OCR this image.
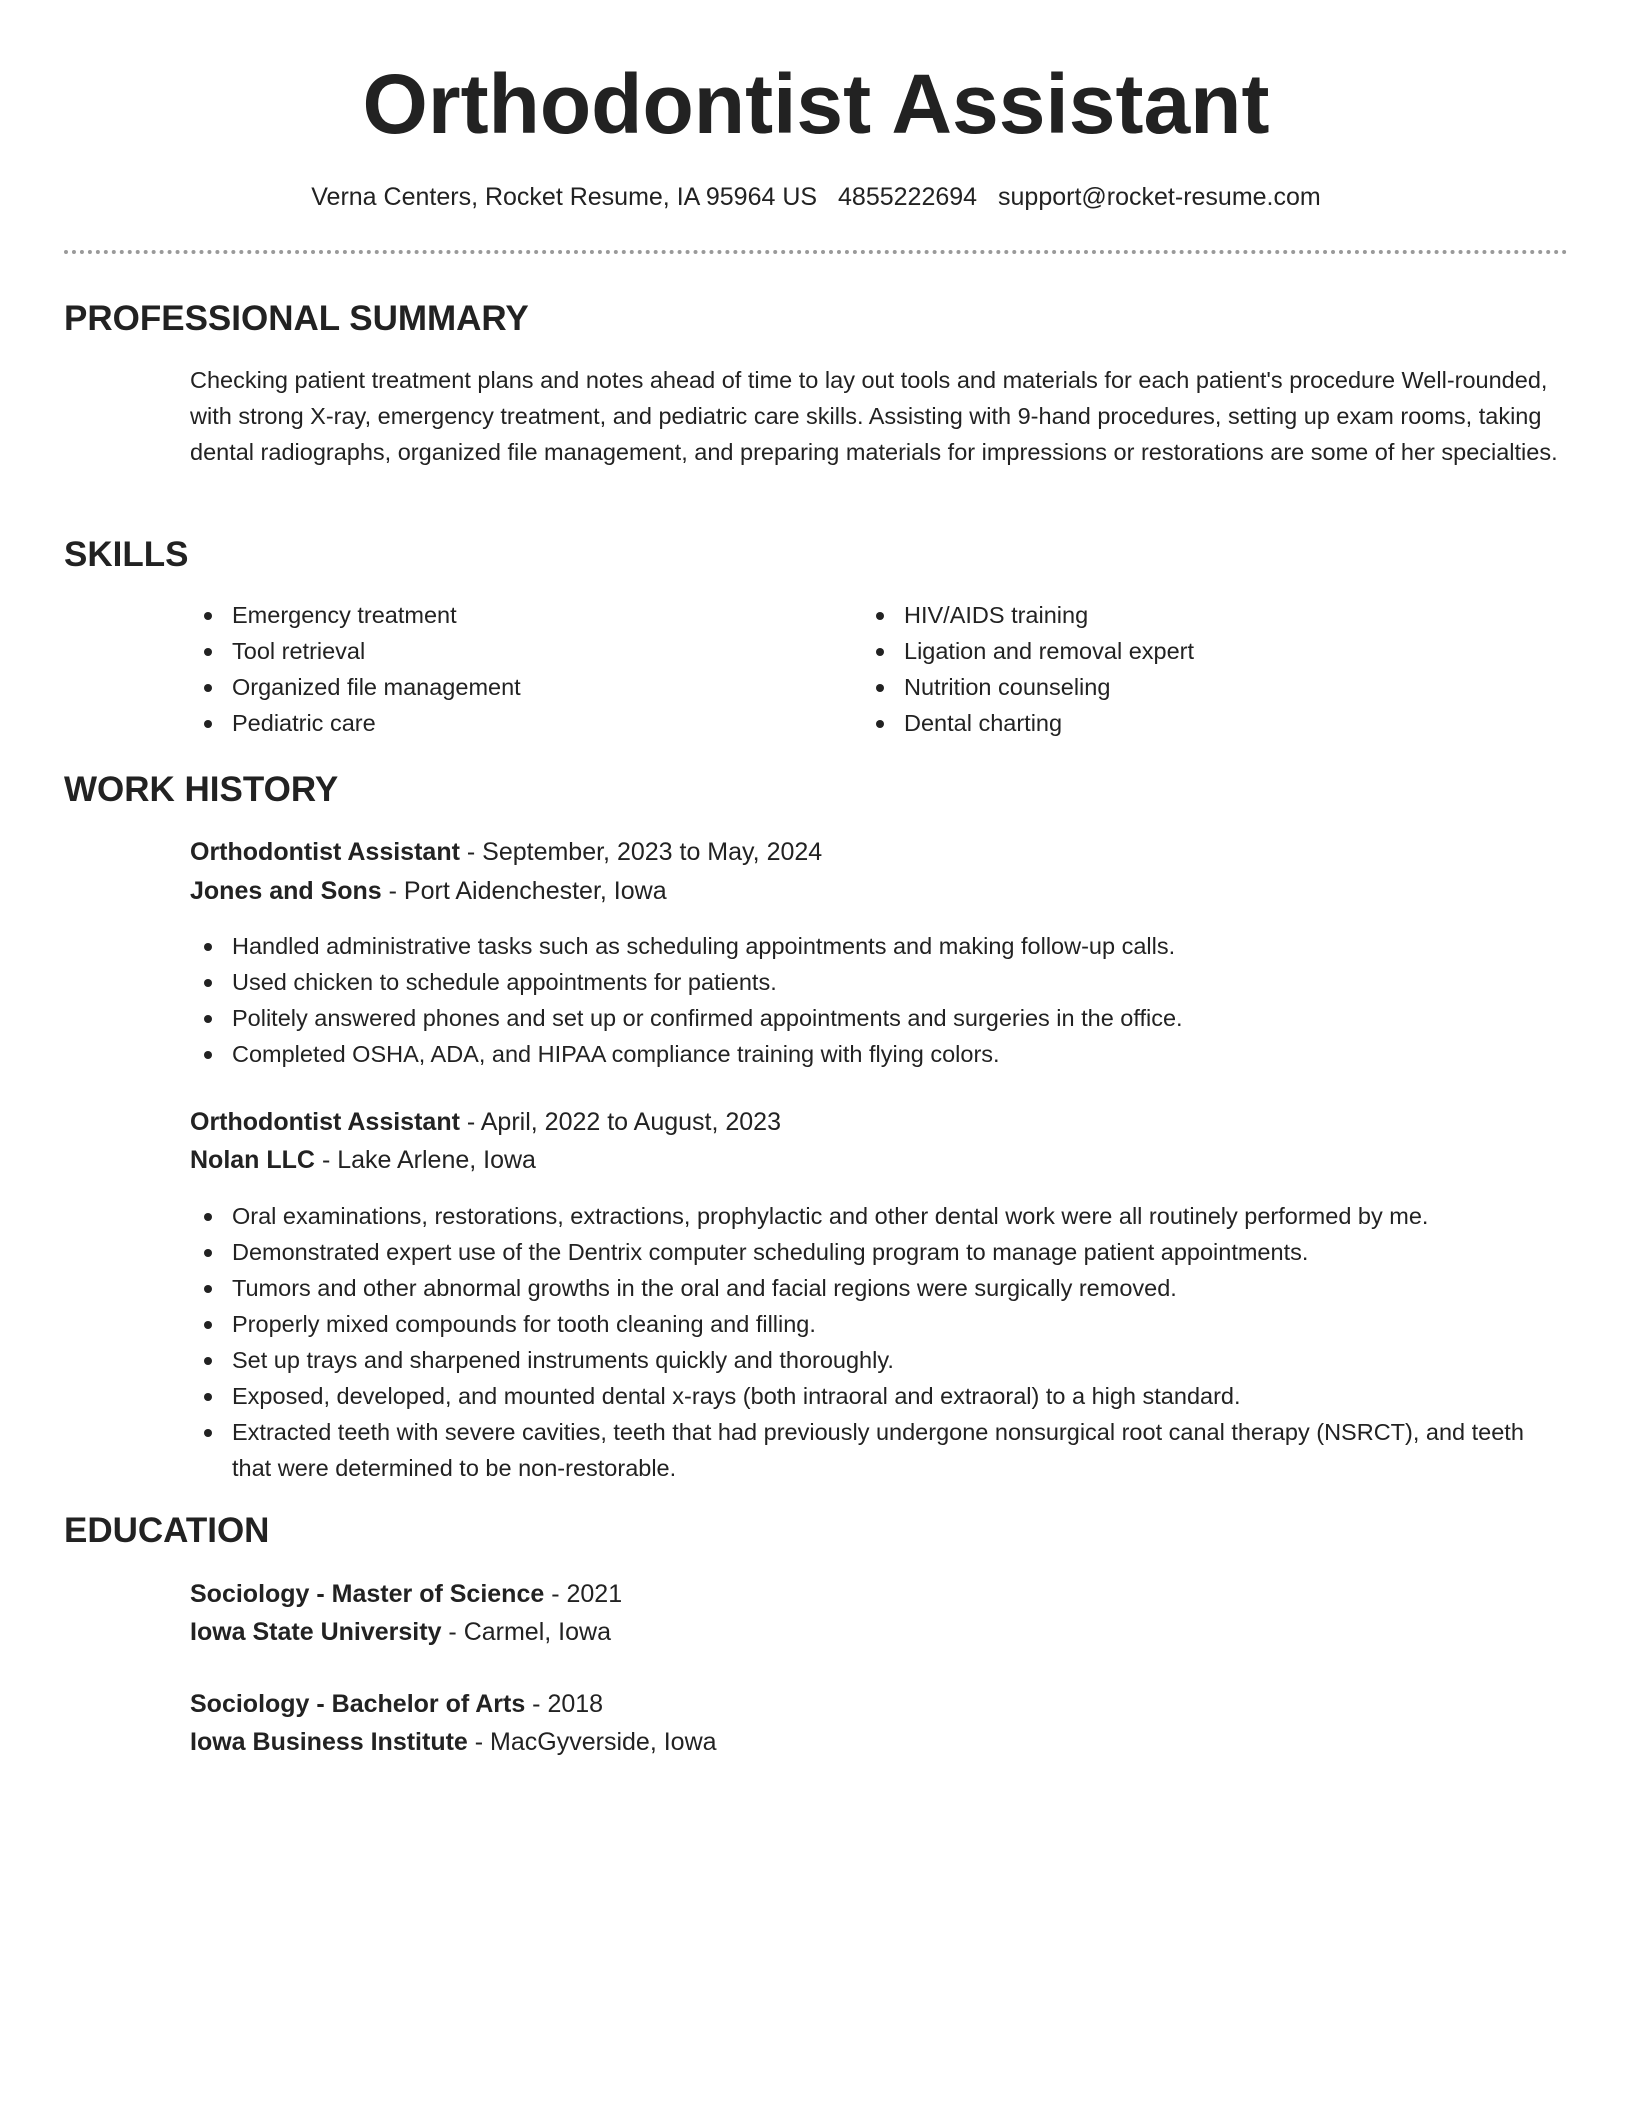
Orthodontist Assistant
Verna Centers, Rocket Resume, IA 95964 US 4855222694 support@rocket-resume.com
PROFESSIONAL SUMMARY
Checking patient treatment plans and notes ahead of time to lay out tools and materials for each patient's procedure Well-rounded, with strong X-ray, emergency treatment, and pediatric care skills. Assisting with 9-hand procedures, setting up exam rooms, taking dental radiographs, organized file management, and preparing materials for impressions or restorations are some of her specialties.
SKILLS
Emergency treatment
Tool retrieval
Organized file management
Pediatric care
HIV/AIDS training
Ligation and removal expert
Nutrition counseling
Dental charting
WORK HISTORY
Orthodontist Assistant - September, 2023 to May, 2024
Jones and Sons - Port Aidenchester, Iowa
Handled administrative tasks such as scheduling appointments and making follow-up calls.
Used chicken to schedule appointments for patients.
Politely answered phones and set up or confirmed appointments and surgeries in the office.
Completed OSHA, ADA, and HIPAA compliance training with flying colors.
Orthodontist Assistant - April, 2022 to August, 2023
Nolan LLC - Lake Arlene, Iowa
Oral examinations, restorations, extractions, prophylactic and other dental work were all routinely performed by me.
Demonstrated expert use of the Dentrix computer scheduling program to manage patient appointments.
Tumors and other abnormal growths in the oral and facial regions were surgically removed.
Properly mixed compounds for tooth cleaning and filling.
Set up trays and sharpened instruments quickly and thoroughly.
Exposed, developed, and mounted dental x-rays (both intraoral and extraoral) to a high standard.
Extracted teeth with severe cavities, teeth that had previously undergone nonsurgical root canal therapy (NSRCT), and teeth that were determined to be non-restorable.
EDUCATION
Sociology - Master of Science - 2021
Iowa State University - Carmel, Iowa
Sociology - Bachelor of Arts - 2018
Iowa Business Institute - MacGyverside, Iowa
